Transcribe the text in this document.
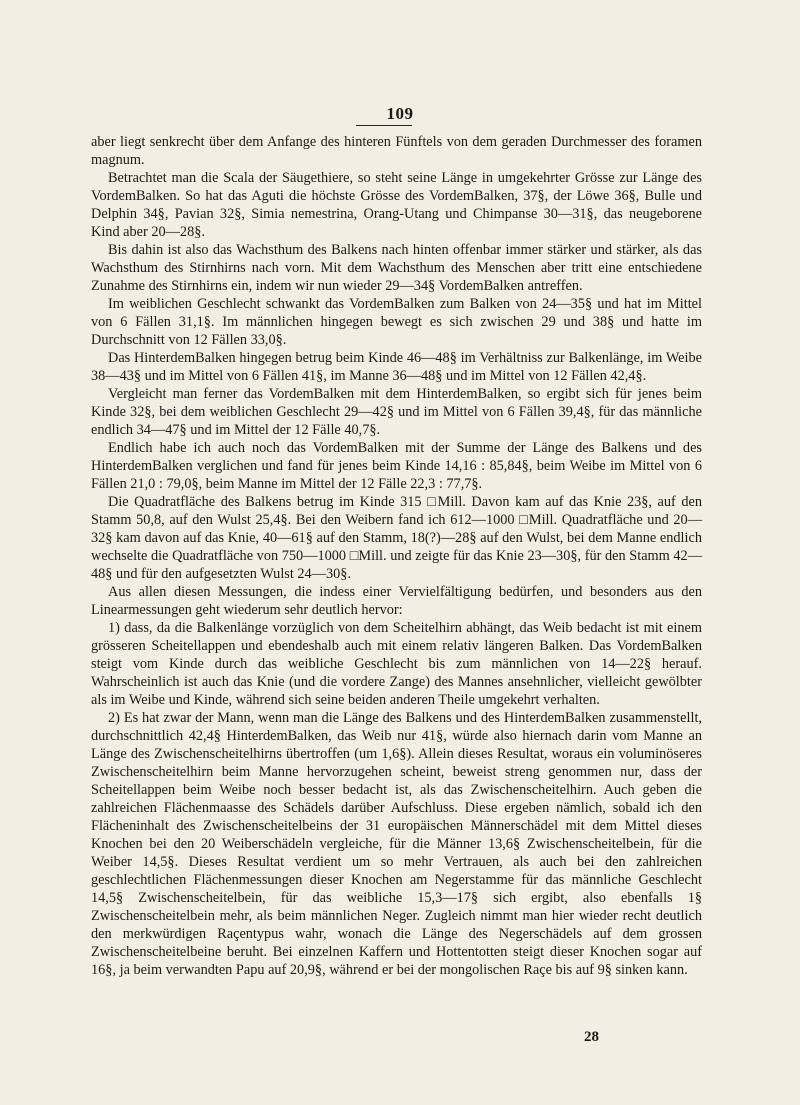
109

aber liegt senkrecht über dem Anfange des hinteren Fünftels von dem geraden Durchmesser des foramen magnum.

Betrachtet man die Scala der Säugethiere, so steht seine Länge in umgekehrter Grösse zur Länge des VordemBalken. So hat das Aguti die höchste Grösse des VordemBalken, 37§, der Löwe 36§, Bulle und Delphin 34§, Pavian 32§, Simia nemestrina, Orang-Utang und Chimpanse 30—31§, das neugeborene Kind aber 20—28§.

Bis dahin ist also das Wachsthum des Balkens nach hinten offenbar immer stärker und stärker, als das Wachsthum des Stirnhirns nach vorn. Mit dem Wachsthum des Menschen aber tritt eine entschiedene Zunahme des Stirnhirns ein, indem wir nun wieder 29—34§ VordemBalken antreffen.

Im weiblichen Geschlecht schwankt das VordemBalken zum Balken von 24—35§ und hat im Mittel von 6 Fällen 31,1§. Im männlichen hingegen bewegt es sich zwischen 29 und 38§ und hatte im Durchschnitt von 12 Fällen 33,0§.

Das HinterdemBalken hingegen betrug beim Kinde 46—48§ im Verhältniss zur Balkenlänge, im Weibe 38—43§ und im Mittel von 6 Fällen 41§, im Manne 36—48§ und im Mittel von 12 Fällen 42,4§.

Vergleicht man ferner das VordemBalken mit dem HinterdemBalken, so ergibt sich für jenes beim Kinde 32§, bei dem weiblichen Geschlecht 29—42§ und im Mittel von 6 Fällen 39,4§, für das männliche endlich 34—47§ und im Mittel der 12 Fälle 40,7§.

Endlich habe ich auch noch das VordemBalken mit der Summe der Länge des Balkens und des HinterdemBalken verglichen und fand für jenes beim Kinde 14,16 : 85,84§, beim Weibe im Mittel von 6 Fällen 21,0 : 79,0§, beim Manne im Mittel der 12 Fälle 22,3 : 77,7§.

Die Quadratfläche des Balkens betrug im Kinde 315 □Mill. Davon kam auf das Knie 23§, auf den Stamm 50,8, auf den Wulst 25,4§. Bei den Weibern fand ich 612—1000 □Mill. Quadratfläche und 20—32§ kam davon auf das Knie, 40—61§ auf den Stamm, 18(?)—28§ auf den Wulst, bei dem Manne endlich wechselte die Quadratfläche von 750—1000 □Mill. und zeigte für das Knie 23—30§, für den Stamm 42—48§ und für den aufgesetzten Wulst 24—30§.

Aus allen diesen Messungen, die indess einer Vervielfältigung bedürfen, und besonders aus den Linearmessungen geht wiederum sehr deutlich hervor:

1) dass, da die Balkenlänge vorzüglich von dem Scheitelhirn abhängt, das Weib bedacht ist mit einem grösseren Scheitellappen und ebendeshalb auch mit einem relativ längeren Balken. Das VordemBalken steigt vom Kinde durch das weibliche Geschlecht bis zum männlichen von 14—22§ herauf. Wahrscheinlich ist auch das Knie (und die vordere Zange) des Mannes ansehnlicher, vielleicht gewölbter als im Weibe und Kinde, während sich seine beiden anderen Theile umgekehrt verhalten.

2) Es hat zwar der Mann, wenn man die Länge des Balkens und des HinterdemBalken zusammenstellt, durchschnittlich 42,4§ HinterdemBalken, das Weib nur 41§, würde also hiernach darin vom Manne an Länge des Zwischenscheitelhirns übertroffen (um 1,6§). Allein dieses Resultat, woraus ein voluminöseres Zwischenscheitelhirn beim Manne hervorzugehen scheint, beweist streng genommen nur, dass der Scheitellappen beim Weibe noch besser bedacht ist, als das Zwischenscheitelhirn. Auch geben die zahlreichen Flächenmaasse des Schädels darüber Aufschluss. Diese ergeben nämlich, sobald ich den Flächeninhalt des Zwischenscheitelbeins der 31 europäischen Männerschädel mit dem Mittel dieses Knochen bei den 20 Weiberschädeln vergleiche, für die Männer 13,6§ Zwischenscheitelbein, für die Weiber 14,5§. Dieses Resultat verdient um so mehr Vertrauen, als auch bei den zahlreichen geschlechtlichen Flächenmessungen dieser Knochen am Negerstamme für das männliche Geschlecht 14,5§ Zwischenscheitelbein, für das weibliche 15,3—17§ sich ergibt, also ebenfalls 1§ Zwischenscheitelbein mehr, als beim männlichen Neger. Zugleich nimmt man hier wieder recht deutlich den merkwürdigen Raçentypus wahr, wonach die Länge des Negerschädels auf dem grossen Zwischenscheitelbeine beruht. Bei einzelnen Kaffern und Hottentotten steigt dieser Knochen sogar auf 16§, ja beim verwandten Papu auf 20,9§, während er bei der mongolischen Raçe bis auf 9§ sinken kann.

28
